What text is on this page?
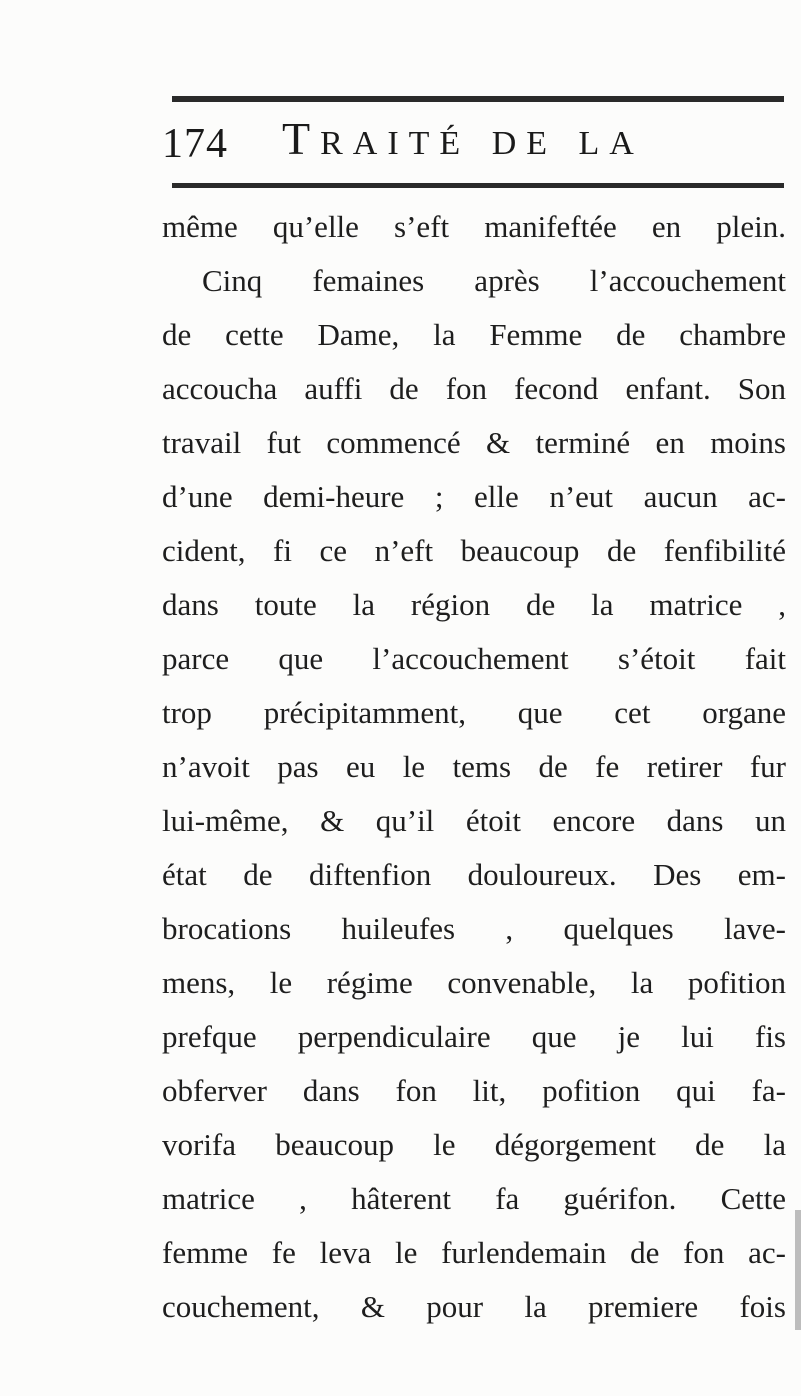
174 TRAITÉ DE LA
même qu’elle s’eft manifeftée en plein.
Cinq femaines après l’accouchement
de cette Dame, la Femme de chambre
accoucha auffi de fon fecond enfant. Son
travail fut commencé & terminé en moins
d’une demi-heure ; elle n’eut aucun ac-
cident, fi ce n’eft beaucoup de fenfibilité
dans toute la région de la matrice ,
parce que l’accouchement s’étoit fait
trop précipitamment, que cet organe
n’avoit pas eu le tems de fe retirer fur
lui-même, & qu’il étoit encore dans un
état de diftenfion douloureux. Des em-
brocations huileufes , quelques lave-
mens, le régime convenable, la pofition
prefque perpendiculaire que je lui fis
obferver dans fon lit, pofition qui fa-
vorifa beaucoup le dégorgement de la
matrice , hâterent fa guérifon. Cette
femme fe leva le furlendemain de fon ac-
couchement, & pour la premiere fois
